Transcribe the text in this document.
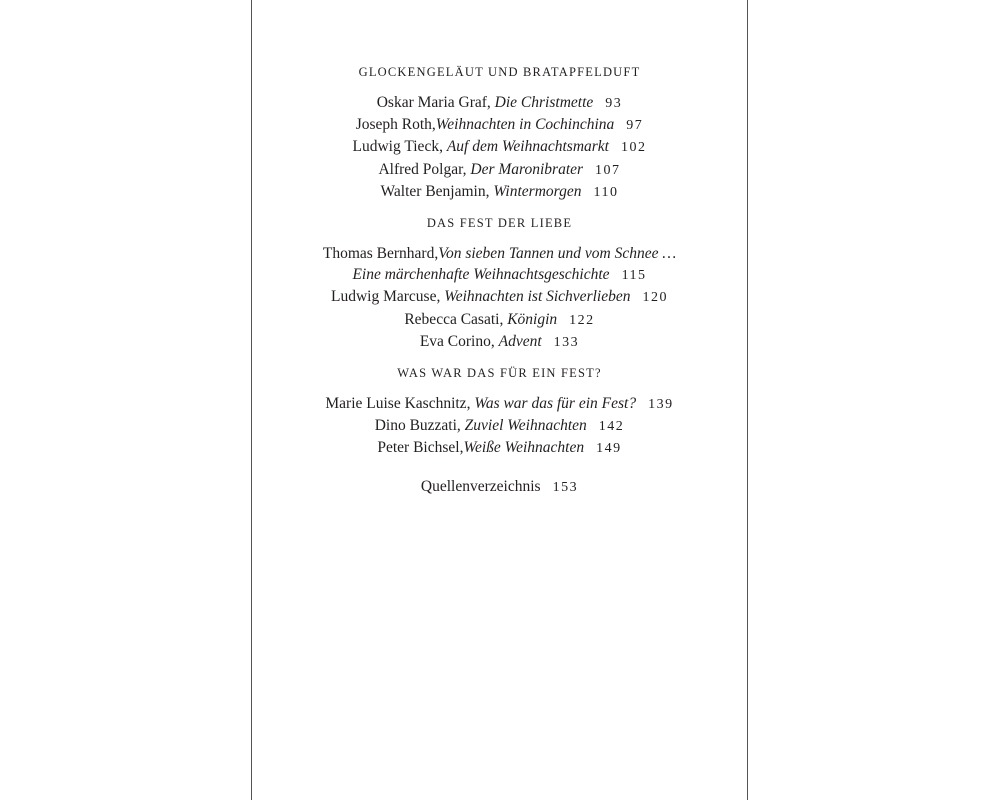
GLOCKENGELÄUT UND BRATAPFELDUFT
Oskar Maria Graf, Die Christmette 93
Joseph Roth,Weihnachten in Cochinchina 97
Ludwig Tieck, Auf dem Weihnachtsmarkt 102
Alfred Polgar, Der Maronibrater 107
Walter Benjamin, Wintermorgen 110
DAS FEST DER LIEBE
Thomas Bernhard,Von sieben Tannen und vom Schnee …
Eine märchenhafte Weihnachtsgeschichte 115
Ludwig Marcuse, Weihnachten ist Sichverlieben 120
Rebecca Casati, Königin 122
Eva Corino, Advent 133
WAS WAR DAS FÜR EIN FEST?
Marie Luise Kaschnitz, Was war das für ein Fest? 139
Dino Buzzati, Zuviel Weihnachten 142
Peter Bichsel,Weiße Weihnachten 149
Quellenverzeichnis 153
